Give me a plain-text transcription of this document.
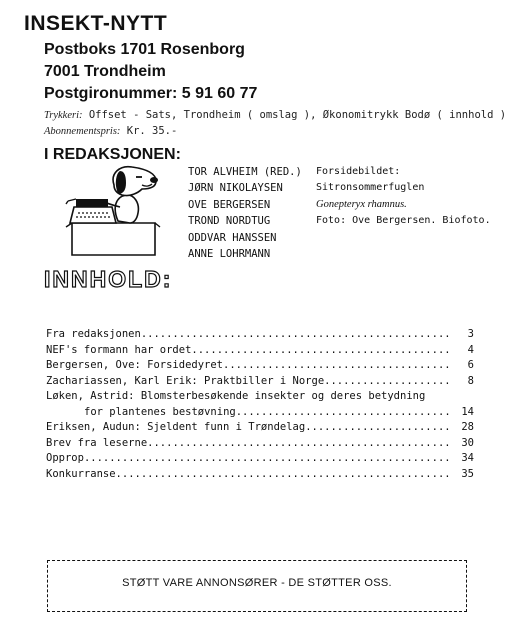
INSEKT-NYTT
Postboks 1701 Rosenborg
7001 Trondheim
Postgironummer: 5 91 60 77
Trykkeri: Offset - Sats, Trondheim ( omslag ), Økonomitrykk Bodø ( innhold )
Abonnementspris: Kr. 35.-
I REDAKSJONEN:
TOR ALVHEIM (RED.)
JØRN NIKOLAYSEN
OVE BERGERSEN
TROND NORDTUG
ODDVAR HANSSEN
ANNE LOHRMANN
Forsidebildet:
Sitronsommerfuglen
Gonepteryx rhamnus.
Foto: Ove Bergersen. Biofoto.
INNHOLD:
Fra redaksjonen .....	3
NEF's formann har ordet .....	4
Bergersen, Ove: Forsidedyret .....	6
Zachariassen, Karl Erik: Praktbiller i Norge .....	8
Løken, Astrid: Blomsterbesøkende insekter og deres betydning
for plantenes bestøvning .....	14
Eriksen, Audun: Sjeldent funn i Trøndelag .....	28
Brev fra leserne .....	30
Opprop .....	34
Konkurranse .....	35
STØTT VARE ANNONSØRER - DE STØTTER OSS.
